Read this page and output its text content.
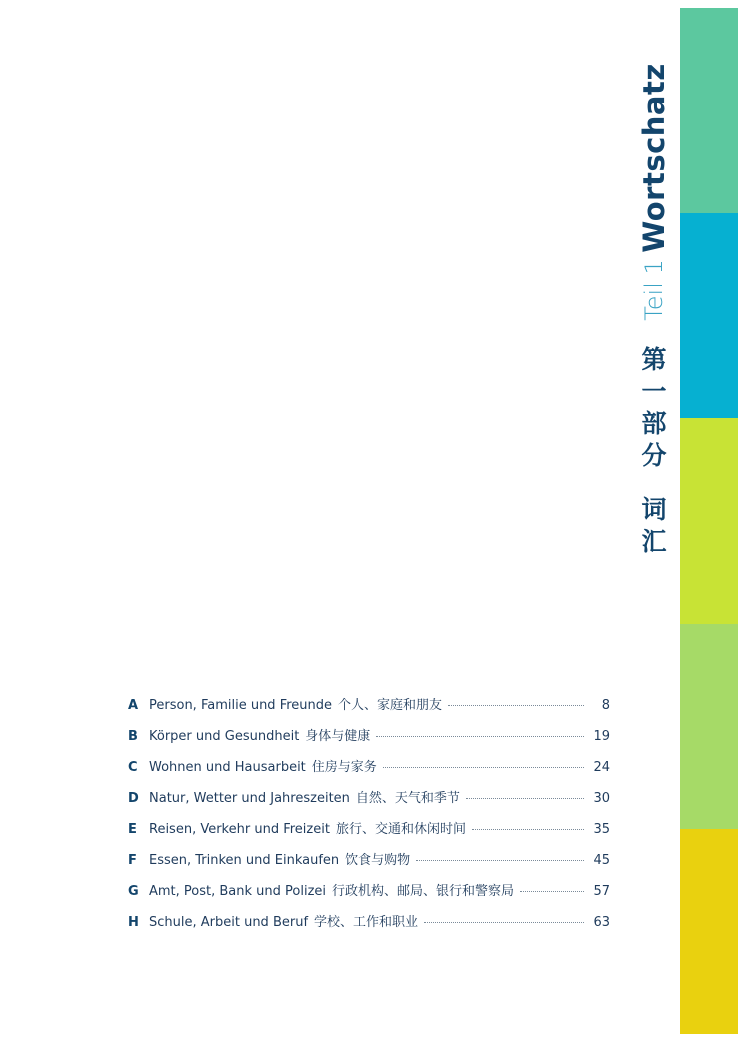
Wortschatz
Teil 1
第
一
部
分
词
汇
A Person, Familie und Freunde 个人、家庭和朋友	8
B Körper und Gesundheit 身体与健康	19
C Wohnen und Hausarbeit 住房与家务	24
D Natur, Wetter und Jahreszeiten 自然、天气和季节	30
E Reisen, Verkehr und Freizeit 旅行、交通和休闲时间	35
F Essen, Trinken und Einkaufen 饮食与购物	45
G Amt, Post, Bank und Polizei 行政机构、邮局、银行和警察局	57
H Schule, Arbeit und Beruf 学校、工作和职业	63
